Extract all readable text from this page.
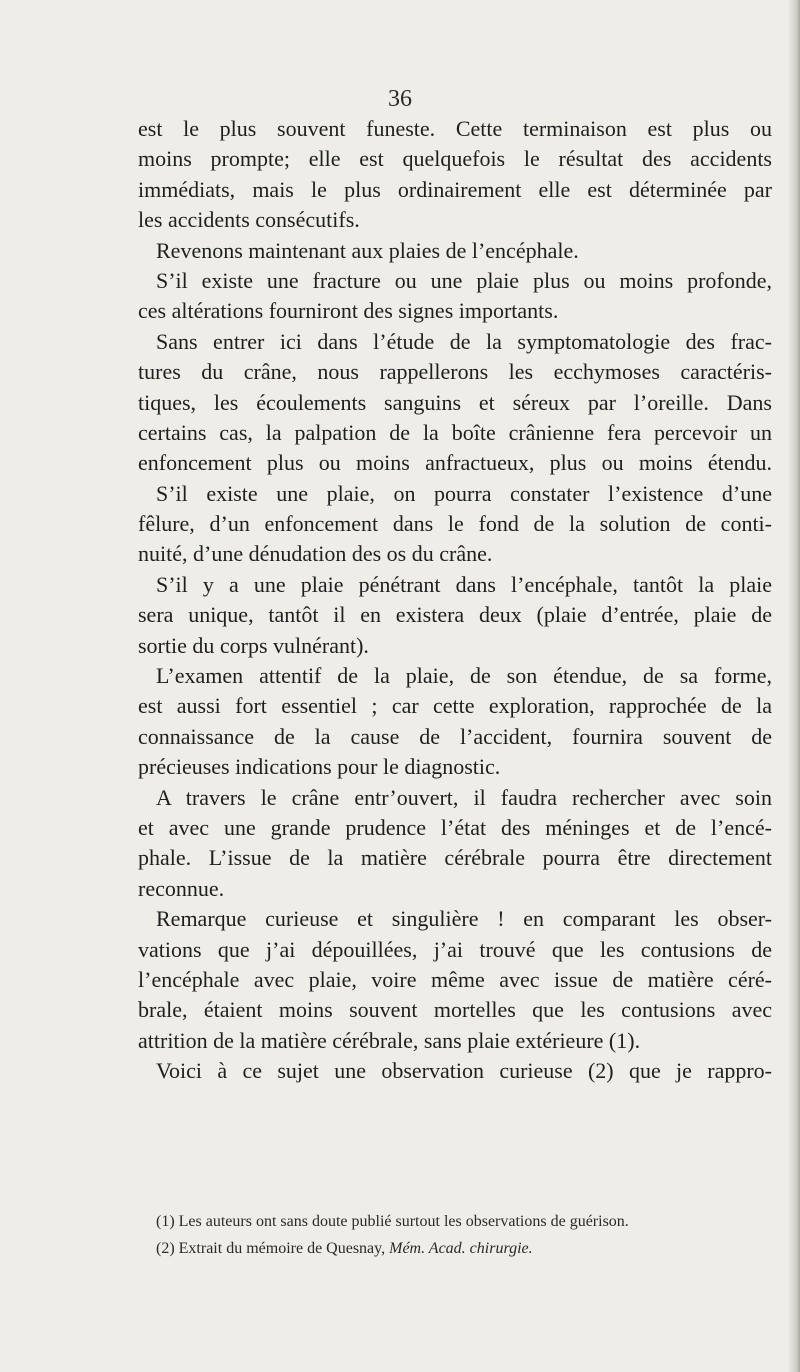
36
est le plus souvent funeste. Cette terminaison est plus ou
moins prompte; elle est quelquefois le résultat des accidents
immédiats, mais le plus ordinairement elle est déterminée par
les accidents consécutifs.
Revenons maintenant aux plaies de l’encéphale.
S’il existe une fracture ou une plaie plus ou moins profonde,
ces altérations fourniront des signes importants.
Sans entrer ici dans l’étude de la symptomatologie des frac-
tures du crâne, nous rappellerons les ecchymoses caractéris-
tiques, les écoulements sanguins et séreux par l’oreille. Dans
certains cas, la palpation de la boîte crânienne fera percevoir un
enfoncement plus ou moins anfractueux, plus ou moins étendu.
S’il existe une plaie, on pourra constater l’existence d’une
fêlure, d’un enfoncement dans le fond de la solution de conti-
nuité, d’une dénudation des os du crâne.
S’il y a une plaie pénétrant dans l’encéphale, tantôt la plaie
sera unique, tantôt il en existera deux (plaie d’entrée, plaie de
sortie du corps vulnérant).
L’examen attentif de la plaie, de son étendue, de sa forme,
est aussi fort essentiel ; car cette exploration, rapprochée de la
connaissance de la cause de l’accident, fournira souvent de
précieuses indications pour le diagnostic.
A travers le crâne entr’ouvert, il faudra rechercher avec soin
et avec une grande prudence l’état des méninges et de l’encé-
phale. L’issue de la matière cérébrale pourra être directement
reconnue.
Remarque curieuse et singulière ! en comparant les obser-
vations que j’ai dépouillées, j’ai trouvé que les contusions de
l’encéphale avec plaie, voire même avec issue de matière céré-
brale, étaient moins souvent mortelles que les contusions avec
attrition de la matière cérébrale, sans plaie extérieure (1).
Voici à ce sujet une observation curieuse (2) que je rappro-
(1) Les auteurs ont sans doute publié surtout les observations de guérison.
(2) Extrait du mémoire de Quesnay, Mém. Acad. chirurgie.
